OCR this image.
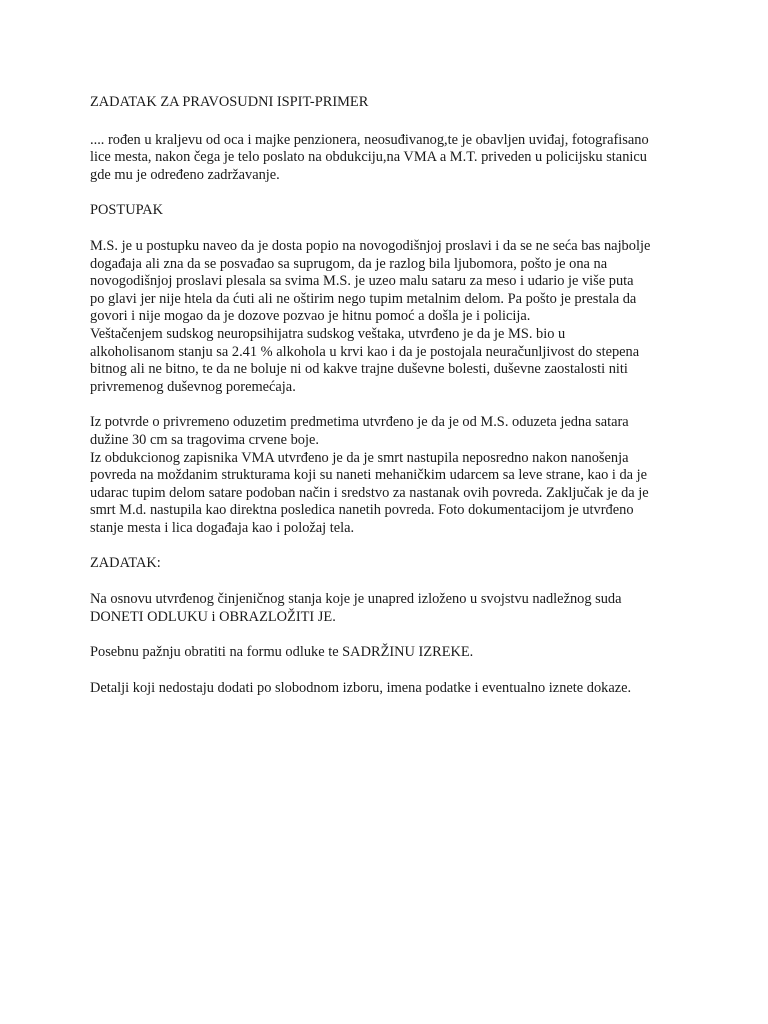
ZADATAK ZA PRAVOSUDNI ISPIT-PRIMER
.... rođen u kraljevu od oca i majke penzionera, neosuđivanog,te je obavljen uviđaj, fotografisano
lice mesta, nakon čega je telo poslato na obdukciju,na VMA a M.T. priveden u policijsku stanicu
gde mu je određeno zadržavanje.
POSTUPAK
M.S. je u postupku naveo da je dosta popio na novogodišnjoj proslavi i da se ne seća bas najbolje
događaja ali zna da se posvađao sa suprugom, da je razlog bila ljubomora, pošto je ona na
novogodišnjoj proslavi plesala sa svima M.S. je uzeo malu sataru za meso i udario je više puta
po glavi jer nije htela da ćuti ali ne oštirim nego tupim metalnim delom. Pa pošto je prestala da
govori i nije mogao da je dozove pozvao je hitnu pomoć a došla je i policija.
Veštačenjem sudskog neuropsihijatra sudskog veštaka, utvrđeno je da je MS. bio u
alkoholisanom stanju sa 2.41 % alkohola u krvi kao i da je postojala neuračunljivost do stepena
bitnog ali ne bitno, te da ne boluje ni od kakve trajne duševne bolesti, duševne zaostalosti niti
privremenog duševnog poremećaja.
Iz potvrde o privremeno oduzetim predmetima utvrđeno je da je od M.S. oduzeta jedna satara
dužine 30 cm sa tragovima crvene boje.
Iz obdukcionog zapisnika VMA utvrđeno je da je smrt nastupila neposredno nakon nanošenja
povreda na moždanim strukturama koji su naneti mehaničkim udarcem sa leve strane, kao i da je
udarac tupim delom satare podoban način i sredstvo za nastanak ovih povreda. Zaključak je da je
smrt M.d. nastupila kao direktna posledica nanetih povreda. Foto dokumentacijom je utvrđeno
stanje mesta i lica događaja kao i položaj tela.
ZADATAK:
Na osnovu utvrđenog činjeničnog stanja koje je unapred izloženo u svojstvu nadležnog suda
DONETI ODLUKU i OBRAZLOŽITI JE.
Posebnu pažnju obratiti na formu odluke te SADRŽINU IZREKE.
Detalji koji nedostaju dodati po slobodnom izboru, imena podatke i eventualno iznete dokaze.
